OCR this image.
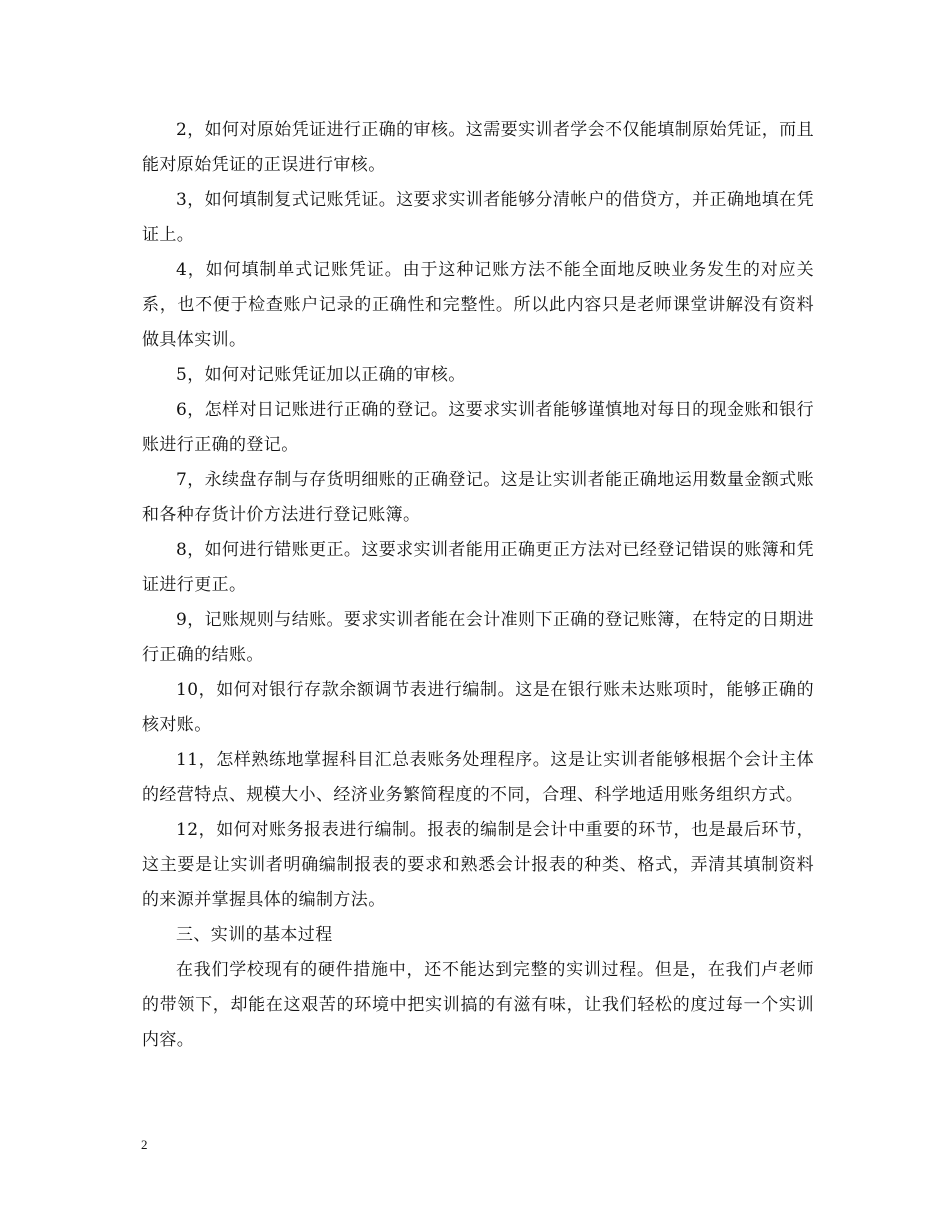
2，如何对原始凭证进行正确的审核。这需要实训者学会不仅能填制原始凭证，而且能对原始凭证的正误进行审核。

3，如何填制复式记账凭证。这要求实训者能够分清帐户的借贷方，并正确地填在凭证上。

4，如何填制单式记账凭证。由于这种记账方法不能全面地反映业务发生的对应关系，也不便于检查账户记录的正确性和完整性。所以此内容只是老师课堂讲解没有资料做具体实训。

5，如何对记账凭证加以正确的审核。

6，怎样对日记账进行正确的登记。这要求实训者能够谨慎地对每日的现金账和银行账进行正确的登记。

7，永续盘存制与存货明细账的正确登记。这是让实训者能正确地运用数量金额式账和各种存货计价方法进行登记账簿。

8，如何进行错账更正。这要求实训者能用正确更正方法对已经登记错误的账簿和凭证进行更正。

9，记账规则与结账。要求实训者能在会计准则下正确的登记账簿，在特定的日期进行正确的结账。

10，如何对银行存款余额调节表进行编制。这是在银行账未达账项时，能够正确的核对账。

11，怎样熟练地掌握科目汇总表账务处理程序。这是让实训者能够根据个会计主体的经营特点、规模大小、经济业务繁简程度的不同，合理、科学地适用账务组织方式。

12，如何对账务报表进行编制。报表的编制是会计中重要的环节，也是最后环节，这主要是让实训者明确编制报表的要求和熟悉会计报表的种类、格式，弄清其填制资料的来源并掌握具体的编制方法。

三、实训的基本过程

在我们学校现有的硬件措施中，还不能达到完整的实训过程。但是，在我们卢老师的带领下，却能在这艰苦的环境中把实训搞的有滋有味，让我们轻松的度过每一个实训内容。

2
